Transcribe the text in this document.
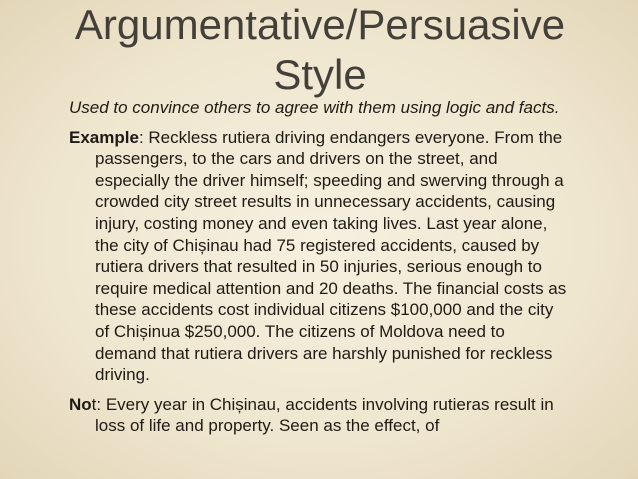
Argumentative/Persuasive
Style

Used to convince others to agree with them using logic and facts.

Example: Reckless rutiera driving endangers everyone. From the passengers, to the cars and drivers on the street, and especially the driver himself; speeding and swerving through a crowded city street results in unnecessary accidents, causing injury, costing money and even taking lives. Last year alone, the city of Chișinau had 75 registered accidents, caused by rutiera drivers that resulted in 50 injuries, serious enough to require medical attention and 20 deaths. The financial costs as these accidents cost individual citizens $100,000 and the city of Chișinua $250,000. The citizens of Moldova need to demand that rutiera drivers are harshly punished for reckless driving.

Not: Every year in Chișinau, accidents involving rutieras result in loss of life and property. Seen as the effect, of
